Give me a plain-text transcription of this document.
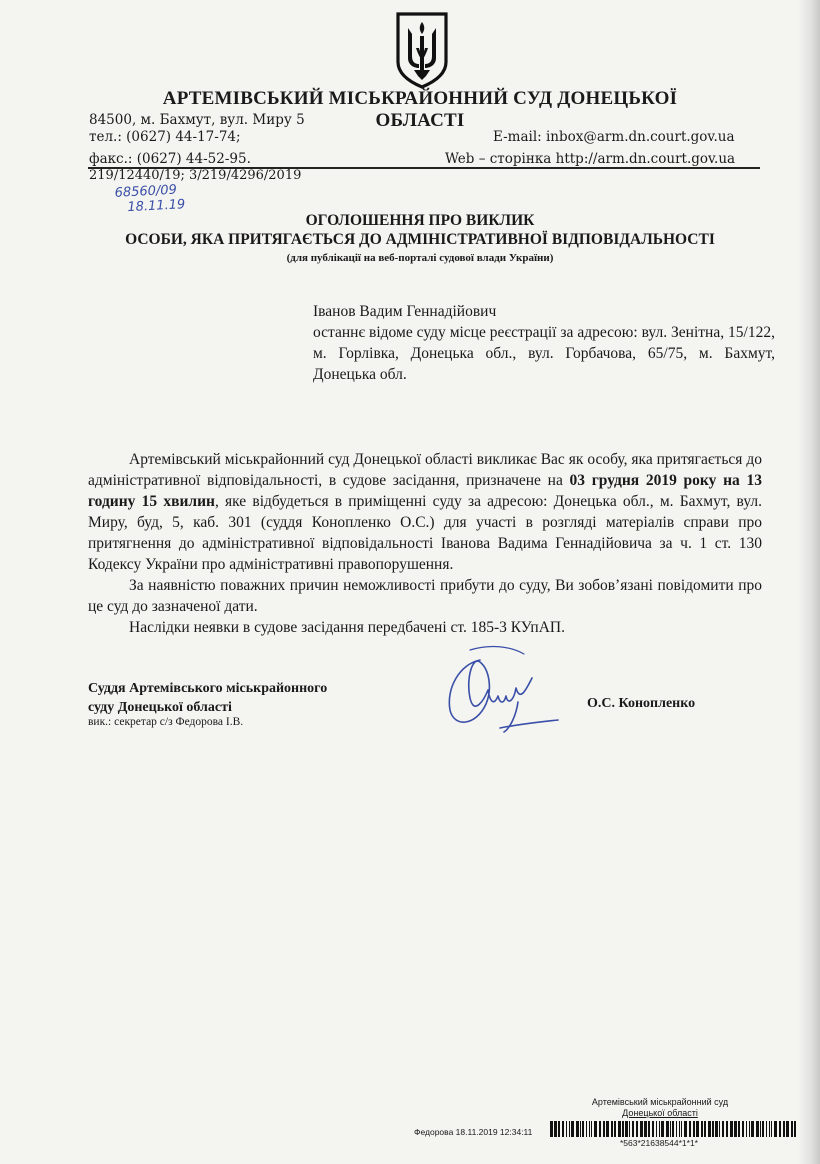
АРТЕМІВСЬКИЙ МІСЬКРАЙОННИЙ СУД ДОНЕЦЬКОЇ ОБЛАСТІ
84500, м. Бахмут, вул. Миру 5
тел.: (0627) 44-17-74;
факс.: (0627) 44-52-95.
E-mail: inbox@arm.dn.court.gov.ua
Web – сторінка http://arm.dn.court.gov.ua
219/12440/19; 3/219/4296/2019
68560/09
18.11.19
ОГОЛОШЕННЯ ПРО ВИКЛИК
ОСОБИ, ЯКА ПРИТЯГАЄТЬСЯ ДО АДМІНІСТРАТИВНОЇ ВІДПОВІДАЛЬНОСТІ
(для публікації на веб-порталі судової влади України)
Іванов Вадим Геннадійович
останнє відоме суду місце реєстрації за адресою: вул. Зенітна, 15/122, м. Горлівка, Донецька обл., вул. Горбачова, 65/75, м. Бахмут, Донецька обл.

Артемівський міськрайонний суд Донецької області викликає Вас як особу, яка притягається до адміністративної відповідальності, в судове засідання, призначене на 03 грудня 2019 року на 13 годину 15 хвилин, яке відбудеться в приміщенні суду за адресою: Донецька обл., м. Бахмут, вул. Миру, буд, 5, каб. 301 (суддя Конопленко О.С.) для участі в розгляді матеріалів справи про притягнення до адміністративної відповідальності Іванова Вадима Геннадійовича за ч. 1 ст. 130 Кодексу України про адміністративні правопорушення.

За наявністю поважних причин неможливості прибути до суду, Ви зобов’язані повідомити про це суд до зазначеної дати.

Наслідки неявки в судове засідання передбачені ст. 185-3 КУпАП.

Суддя Артемівського міськрайонного
суду Донецької області
вик.: секретар с/з Федорова І.В.
О.С. Конопленко
Артемівський міськрайонний суд
Донецької області
Федорова 18.11.2019 12:34:11
*563*21638544*1*1*
